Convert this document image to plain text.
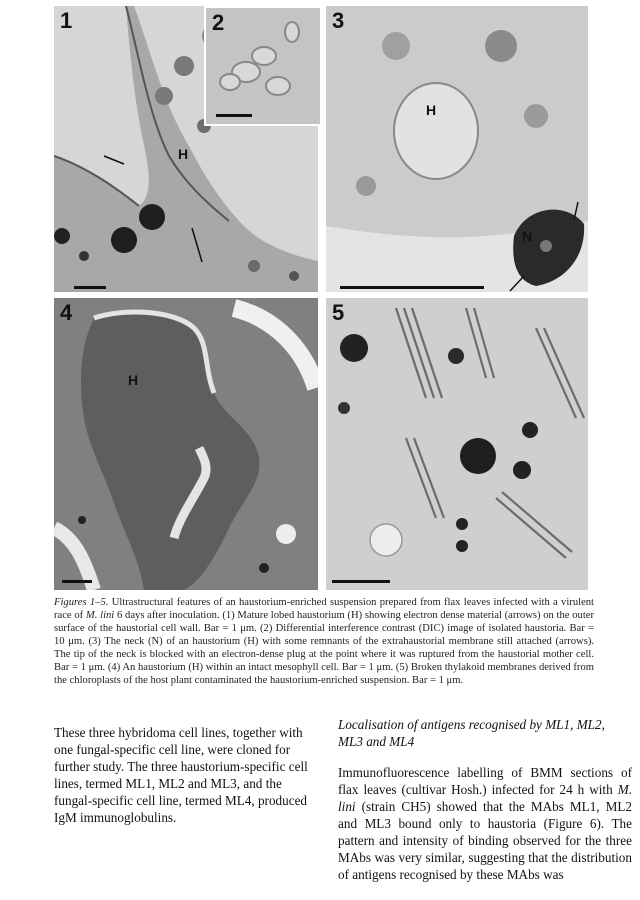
1
H
2	3
H
N
4
H
5
Figures 1–5. Ultrastructural features of an haustorium-enriched suspension prepared from flax leaves infected with a virulent race of M. lini 6 days after inoculation. (1) Mature lobed haustorium (H) showing electron dense material (arrows) on the outer surface of the haustorial cell wall. Bar = 1 μm. (2) Differential interference contrast (DIC) image of isolated haustoria. Bar = 10 μm. (3) The neck (N) of an haustorium (H) with some remnants of the extrahaustorial membrane still attached (arrows). The tip of the neck is blocked with an electron-dense plug at the point where it was ruptured from the haustorial mother cell. Bar = 1 μm. (4) An haustorium (H) within an intact mesophyll cell. Bar = 1 μm. (5) Broken thylakoid membranes derived from the chloroplasts of the host plant contaminated the haustorium-enriched suspension. Bar = 1 μm.

These three hybridoma cell lines, together with one fungal-specific cell line, were cloned for further study. The three haustorium-specific cell lines, termed ML1, ML2 and ML3, and the fungal-specific cell line, termed ML4, produced IgM immunoglobulins.

Localisation of antigens recognised by ML1, ML2, ML3 and ML4

Immunofluorescence labelling of BMM sections of flax leaves (cultivar Hosh.) infected for 24 h with M. lini (strain CH5) showed that the MAbs ML1, ML2 and ML3 bound only to haustoria (Figure 6). The pattern and intensity of binding observed for the three MAbs was very similar, suggesting that the distribution of antigens recognised by these MAbs was
